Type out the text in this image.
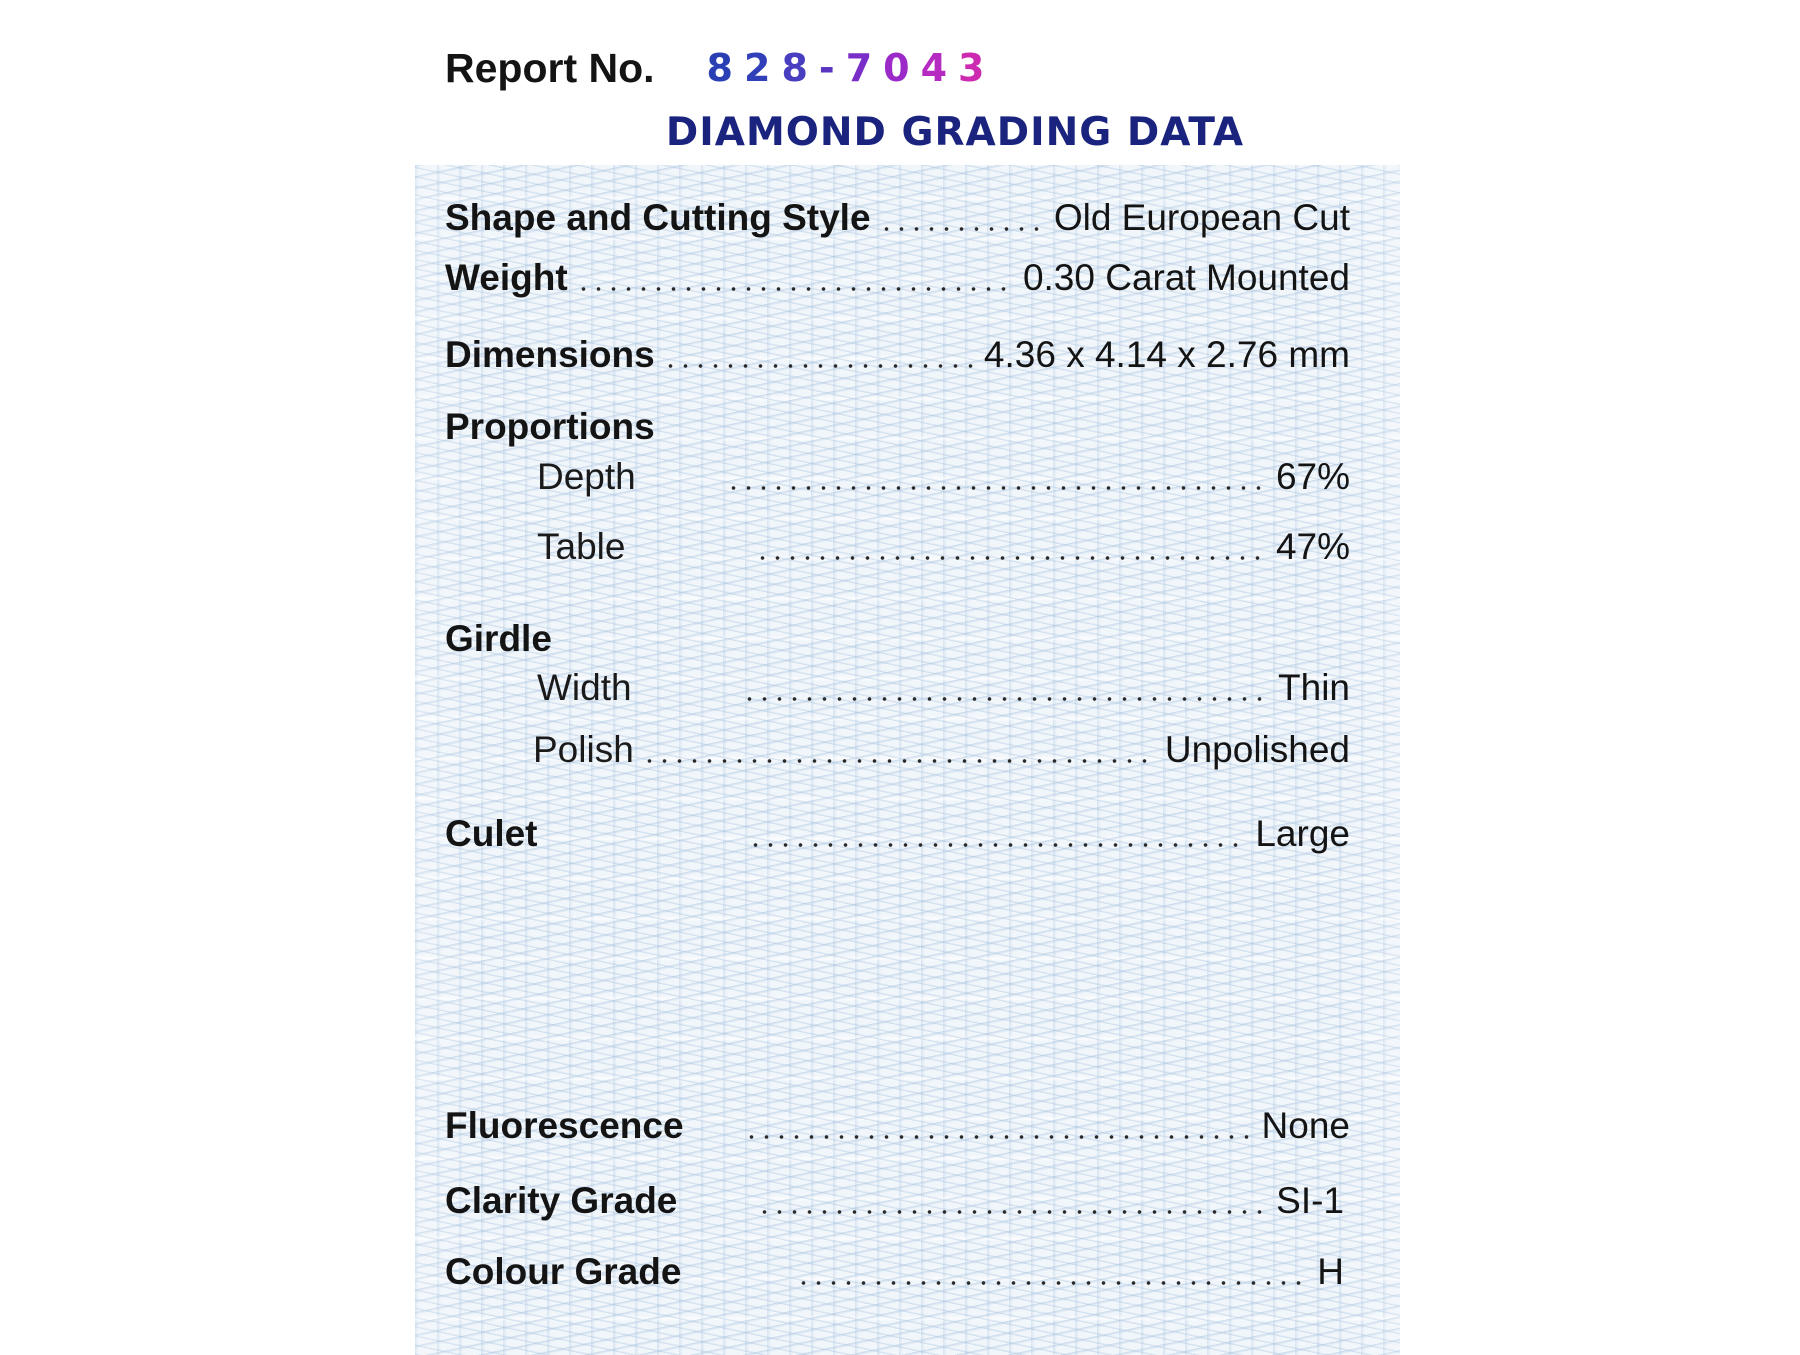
Report No. 8 2 8 - 7 0 4 3
DIAMOND GRADING DATA
Shape and Cutting Style	Old European Cut
Weight	0.30 Carat Mounted
Dimensions	4.36 x 4.14 x 2.76 mm
Proportions
Depth	67%
Table	47%
Girdle
Width	Thin
Polish	Unpolished
Culet	Large
Fluorescence	None
Clarity Grade	SI-1
Colour Grade	H
